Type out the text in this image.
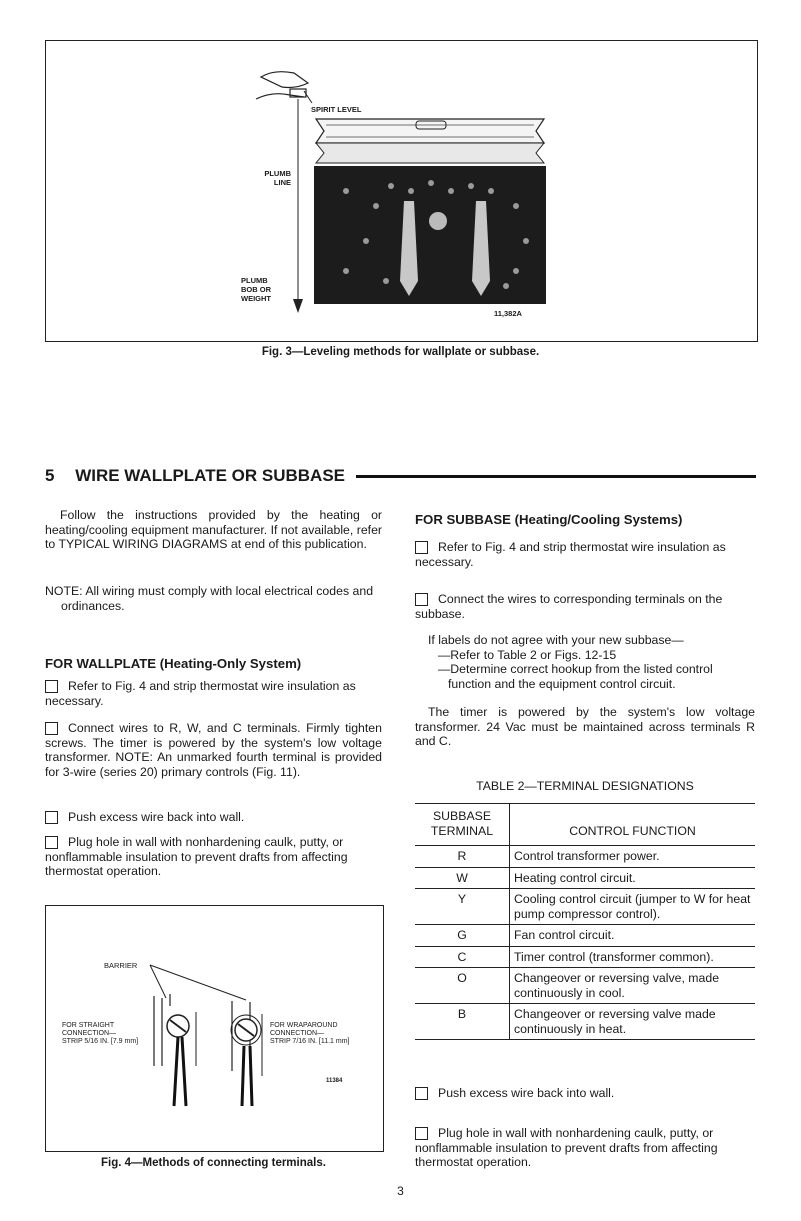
SPIRIT LEVEL
PLUMB
LINE
PLUMB
BOB OR
WEIGHT
11,382A
Fig. 3—Leveling methods for wallplate or subbase.
5 WIRE WALLPLATE OR SUBBASE
Follow the instructions provided by the heating or heating/cooling equipment manufacturer. If not available, refer to TYPICAL WIRING DIAGRAMS at end of this publication.
NOTE: All wiring must comply with local electrical codes and ordinances.
FOR WALLPLATE (Heating-Only System)
Refer to Fig. 4 and strip thermostat wire insulation as necessary.
Connect wires to R, W, and C terminals. Firmly tighten screws. The timer is powered by the system's low voltage transformer. NOTE: An unmarked fourth terminal is provided for 3-wire (series 20) primary controls (Fig. 11).
Push excess wire back into wall.
Plug hole in wall with nonhardening caulk, putty, or nonflammable insulation to prevent drafts from affecting thermostat operation.
BARRIER
FOR STRAIGHT
CONNECTION—
STRIP 5/16 IN. [7.9 mm]
FOR WRAPAROUND
CONNECTION—
STRIP 7/16 IN. [11.1 mm]
11384
Fig. 4—Methods of connecting terminals.
FOR SUBBASE (Heating/Cooling Systems)
Refer to Fig. 4 and strip thermostat wire insulation as necessary.
Connect the wires to corresponding terminals on the subbase.
If labels do not agree with your new subbase—
—Refer to Table 2 or Figs. 12-15
—Determine correct hookup from the listed control function and the equipment control circuit.
The timer is powered by the system's low voltage transformer. 24 Vac must be maintained across terminals R and C.
TABLE 2—TERMINAL DESIGNATIONS
SUBBASE TERMINAL	CONTROL FUNCTION
R	Control transformer power.
W	Heating control circuit.
Y	Cooling control circuit (jumper to W for heat pump compressor control).
G	Fan control circuit.
C	Timer control (transformer common).
O	Changeover or reversing valve, made continuously in cool.
B	Changeover or reversing valve made continuously in heat.
Push excess wire back into wall.
Plug hole in wall with nonhardening caulk, putty, or nonflammable insulation to prevent drafts from affecting thermostat operation.
3
